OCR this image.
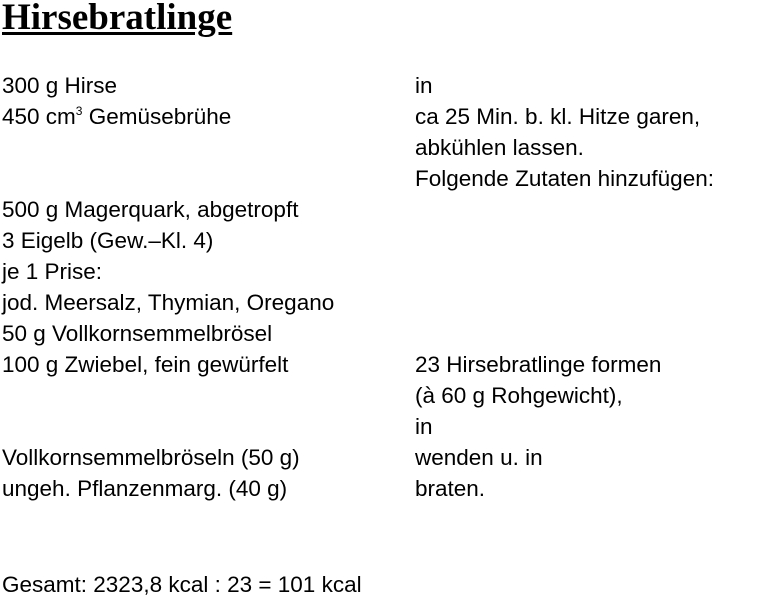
Hirsebratlinge
300 g Hirse	in
450 $cm^3$ Gemüsebrühe	ca 25 Min. b. kl. Hitze garen,
abkühlen lassen.
Folgende Zutaten hinzufügen:
500 g Magerquark, abgetropft
3 Eigelb (Gew.–Kl. 4)
je 1 Prise:
jod. Meersalz, Thymian, Oregano
50 g Vollkornsemmelbrösel
100 g Zwiebel, fein gewürfelt	23 Hirsebratlinge formen
(à 60 g Rohgewicht),
in
Vollkornsemmelbröseln (50 g)	wenden u. in
ungeh. Pflanzenmarg. (40 g)	braten.
Gesamt: 2323,8 kcal : 23 = 101 kcal
